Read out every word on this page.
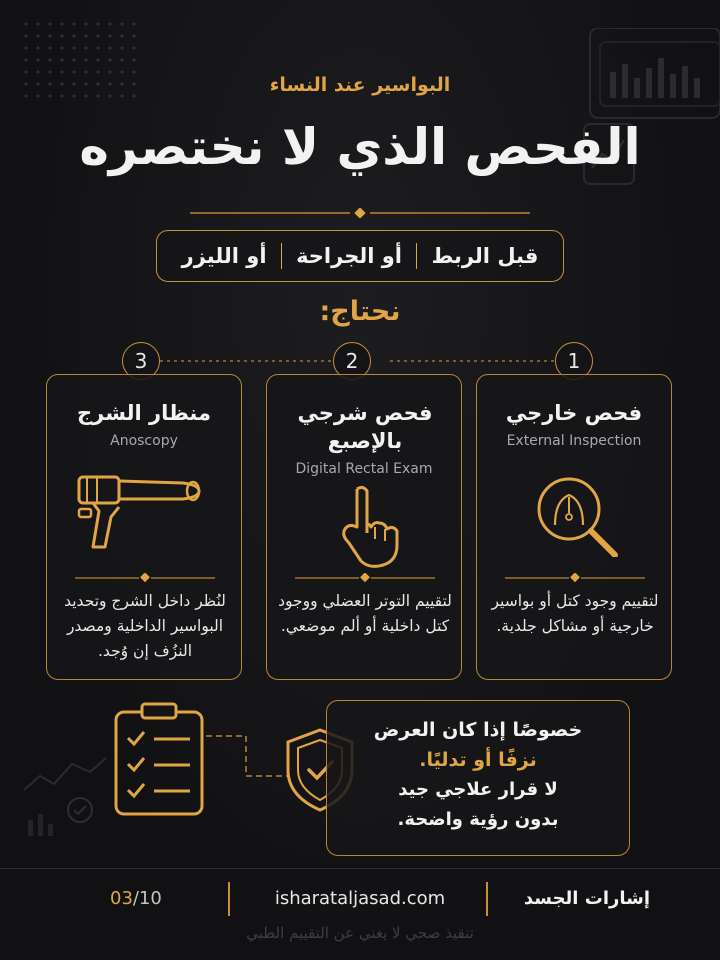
البواسير عند النساء
الفحص الذي لا نختصره
قبل الربط
أو الجراحة
أو الليزر
نحتاج:
1
2
3
فحص خارجي
External Inspection
لتقييم وجود كتل أو بواسير خارجية أو مشاكل جلدية.
فحص شرجي بالإصبع
Digital Rectal Exam
لتقييم التوتر العضلي ووجود كتل داخلية أو ألم موضعي.
منظار الشرج
Anoscopy
لنُظر داخل الشرج وتحديد البواسير الداخلية ومصدر النزُف إن وُجد.
خصوصًا إذا كان العرض
نزفًا أو تدليًا.
لا قرار علاجي جيد
بدون رؤية واضحة.
03/10	isharataljasad.com	إشارات الجسد
تنقيذ صحي لا يغني عن التقييم الطبي
